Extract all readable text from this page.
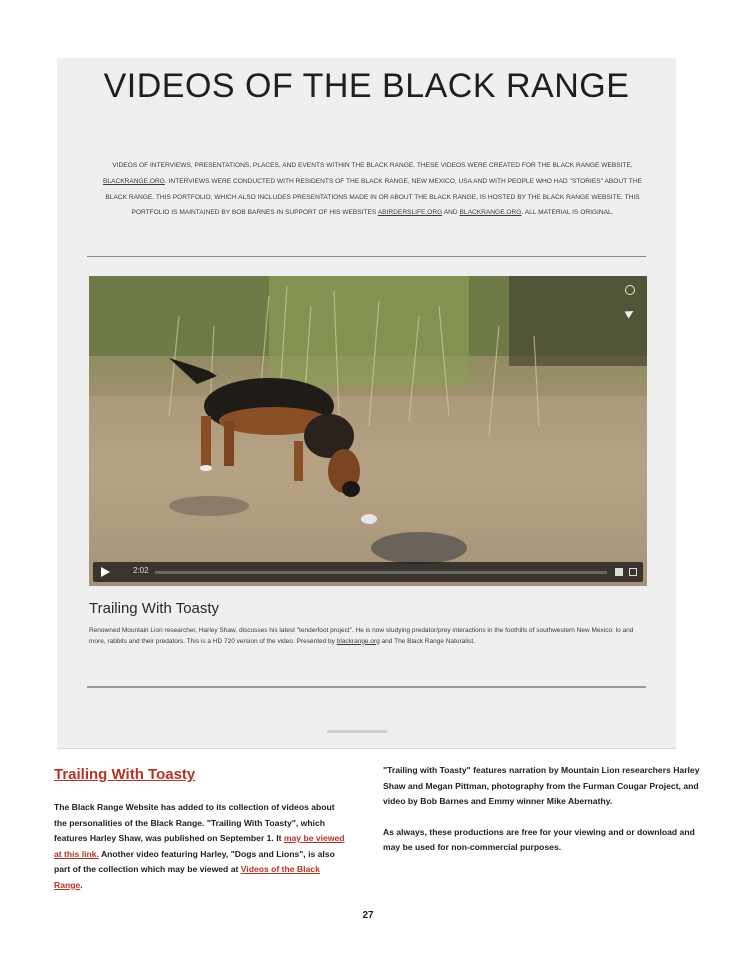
VIDEOS OF THE BLACK RANGE
VIDEOS OF INTERVIEWS, PRESENTATIONS, PLACES, AND EVENTS WITHIN THE BLACK RANGE. THESE VIDEOS WERE CREATED FOR THE BLACK RANGE WEBSITE, BLACKRANGE.ORG. INTERVIEWS WERE CONDUCTED WITH RESIDENTS OF THE BLACK RANGE, NEW MEXICO, USA AND WITH PEOPLE WHO HAD "STORIES" ABOUT THE BLACK RANGE. THIS PORTFOLIO, WHICH ALSO INCLUDES PRESENTATIONS MADE IN OR ABOUT THE BLACK RANGE, IS HOSTED BY THE BLACK RANGE WEBSITE. THIS PORTFOLIO IS MAINTAINED BY BOB BARNES IN SUPPORT OF HIS WEBSITES ABIRDERSLIFE.ORG AND BLACKRANGE.ORG. ALL MATERIAL IS ORIGINAL.
2:02
Trailing With Toasty
Renowned Mountain Lion researcher, Harley Shaw, discusses his latest "tenderfoot project". He is now studying predator/prey interactions in the foothills of southwestern New Mexico: lo and more, rabbits and their predators. This is a HD 720 version of the video. Presented by blackrange.org and The Black Range Naturalist.
Trailing With Toasty

The Black Range Website has added to its collection of videos about the personalities of the Black Range. "Trailing With Toasty", which features Harley Shaw, was published on September 1. It may be viewed at this link. Another video featuring Harley, "Dogs and Lions", is also part of the collection which may be viewed at Videos of the Black Range.

"Trailing with Toasty" features narration by Mountain Lion researchers Harley Shaw and Megan Pittman, photography from the Furman Cougar Project, and video by Bob Barnes and Emmy winner Mike Abernathy.

As always, these productions are free for your viewing and or download and may be used for non-commercial purposes.

27
